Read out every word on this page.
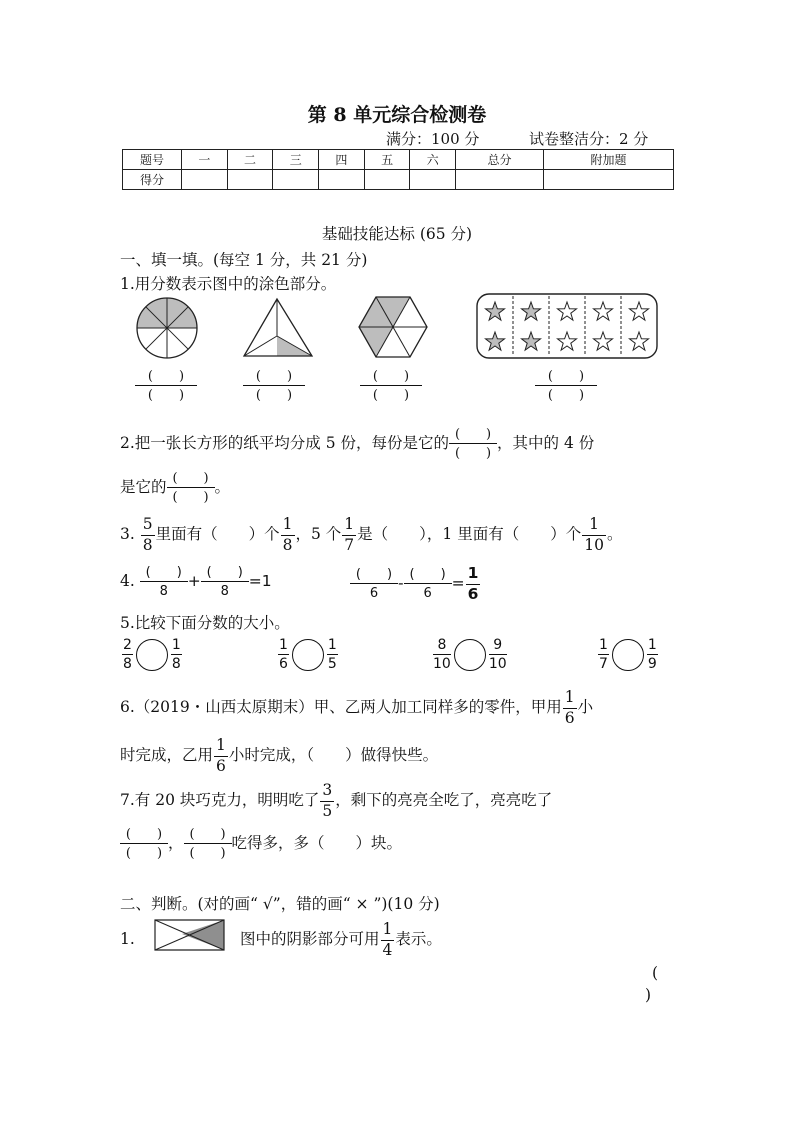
第 8 单元综合检测卷
满分：100 分	试卷整洁分：2 分
题号	一	二	三	四	五	六	总分	附加题
得分								
基础技能达标 (65 分)
一、填一填。(每空 1 分，共 21 分)
1.用分数表示图中的涂色部分。
(　　)
(　　)
(　　)
(　　)
(　　)
(　　)
(　　)
(　　)
2.把一张长方形的纸平均分成 5 份，每份是它的 $\frac{( )}{( )}$ ，其中的 4 份
是它的 $\frac{( )}{( )}$ 。
3. $\frac{5}{8}$ 里面有（　　）个 $\frac{1}{8}$ ，5 个 $\frac{1}{7}$ 是（　　），1 里面有（　　）个 $\frac{1}{10}$ 。
4. $\frac{( )}{8} + \frac{( )}{8} =1$	$\frac{( )}{6} - \frac{( )}{6} = \frac{1}{6}$
5.比较下面分数的大小。
$\frac{2}{8}$	$\frac{1}{8}$	$\frac{1}{6}$	$\frac{1}{5}$	$\frac{8}{10}$	$\frac{9}{10}$	$\frac{1}{7}$	$\frac{1}{9}$
6.（2019・山西太原期末）甲、乙两人加工同样多的零件，甲用 $\frac{1}{6}$ 小
时完成，乙用 $\frac{1}{6}$ 小时完成，（　　）做得快些。
7.有 20 块巧克力，明明吃了 $\frac{3}{5}$ ，剩下的亮亮全吃了，亮亮吃了
$\frac{( )}{( )}$ ， $\frac{( )}{( )}$ 吃得多，多（　　）块。
二、判断。(对的画“ √”，错的画“ × ”)(10 分)
1.	图中的阴影部分可用 $\frac{1}{4}$ 表示。
(
)
